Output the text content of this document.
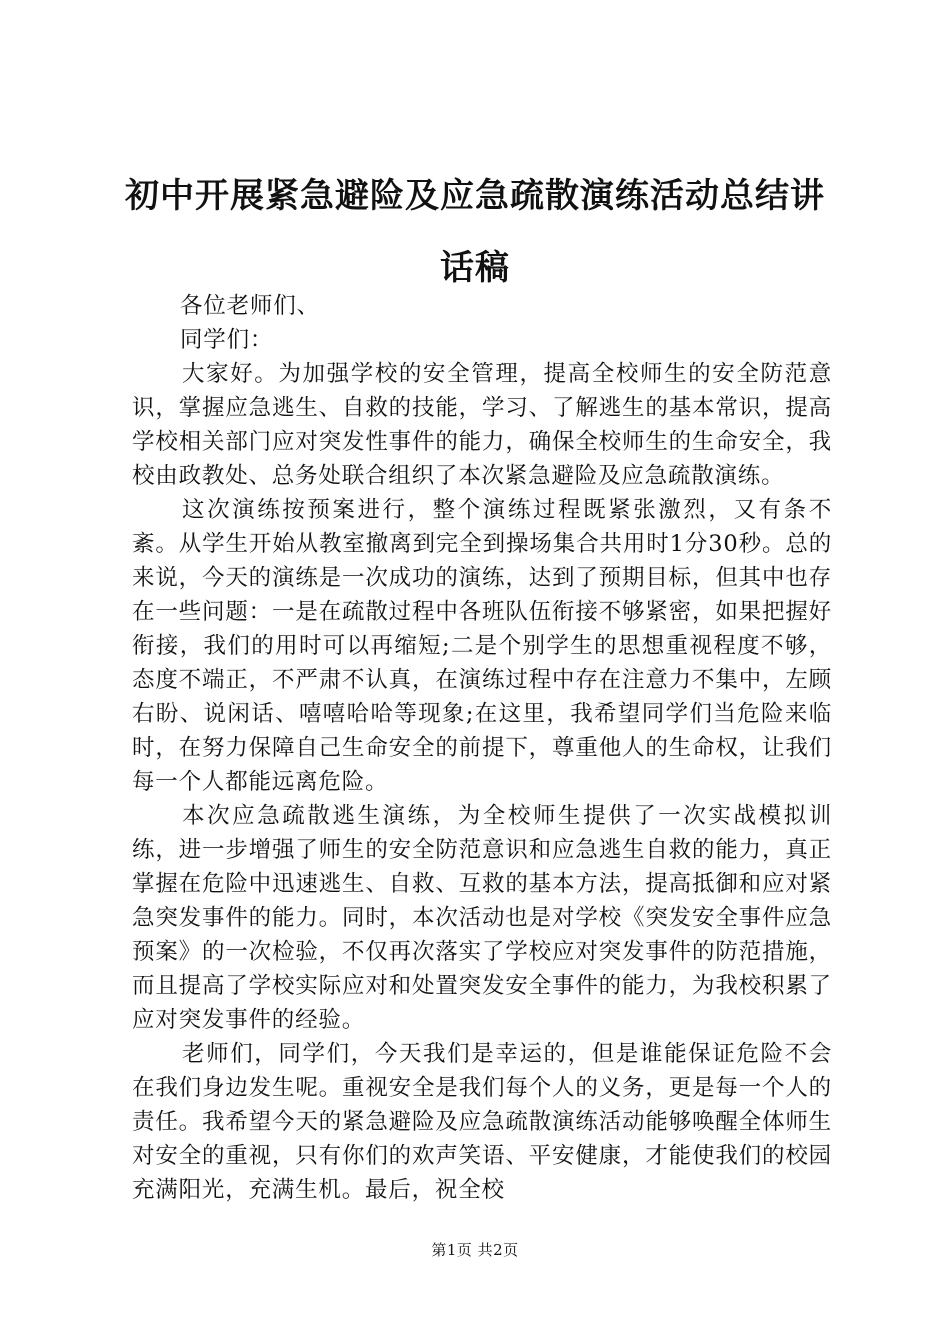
初中开展紧急避险及应急疏散演练活动总结讲话稿

各位老师们、

同学们：

大家好。为加强学校的安全管理，提高全校师生的安全防范意识，掌握应急逃生、自救的技能，学习、了解逃生的基本常识，提高学校相关部门应对突发性事件的能力，确保全校师生的生命安全，我校由政教处、总务处联合组织了本次紧急避险及应急疏散演练。

这次演练按预案进行，整个演练过程既紧张激烈，又有条不紊。从学生开始从教室撤离到完全到操场集合共用时1分30秒。总的来说，今天的演练是一次成功的演练，达到了预期目标，但其中也存在一些问题：一是在疏散过程中各班队伍衔接不够紧密，如果把握好衔接，我们的用时可以再缩短;二是个别学生的思想重视程度不够，态度不端正，不严肃不认真，在演练过程中存在注意力不集中，左顾右盼、说闲话、嘻嘻哈哈等现象;在这里，我希望同学们当危险来临时，在努力保障自己生命安全的前提下，尊重他人的生命权，让我们每一个人都能远离危险。

本次应急疏散逃生演练，为全校师生提供了一次实战模拟训练，进一步增强了师生的安全防范意识和应急逃生自救的能力，真正掌握在危险中迅速逃生、自救、互救的基本方法，提高抵御和应对紧急突发事件的能力。同时，本次活动也是对学校《突发安全事件应急预案》的一次检验，不仅再次落实了学校应对突发事件的防范措施，而且提高了学校实际应对和处置突发安全事件的能力，为我校积累了应对突发事件的经验。

老师们，同学们，今天我们是幸运的，但是谁能保证危险不会在我们身边发生呢。重视安全是我们每个人的义务，更是每一个人的责任。我希望今天的紧急避险及应急疏散演练活动能够唤醒全体师生对安全的重视，只有你们的欢声笑语、平安健康，才能使我们的校园充满阳光，充满生机。最后，祝全校

第1页 共2页
